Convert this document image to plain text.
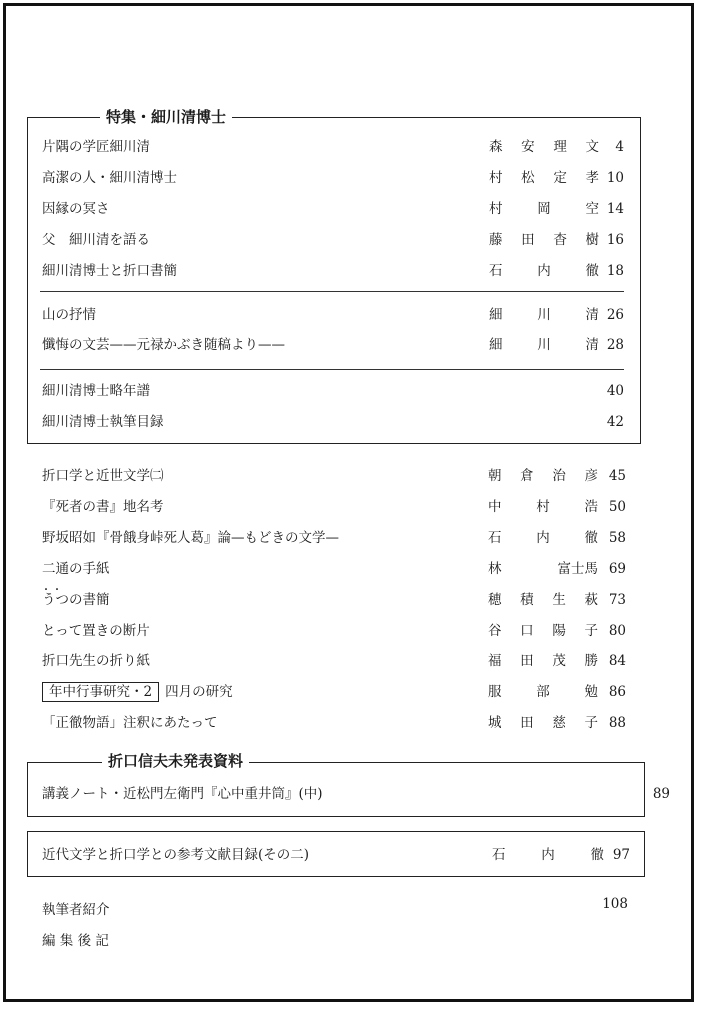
特集・細川清博士
片隅の学匠細川清	森 安 理 文	4
高潔の人・細川清博士	村 松 定 孝 10
因縁の冥さ	村	岡	空 14
父　細川清を語る	藤 田 杳 樹 16
細川清博士と折口書簡	石	内	徹 18
山の抒情	細	川	清 26
懺悔の文芸——元禄かぶき随稿より——	細	川	清 28
細川清博士略年譜	40
細川清博士執筆目録	42
折口学と近世文学㈡	朝 倉 治 彦 45
『死者の書』地名考	中	村	浩 50
野坂昭如『骨餓身峠死人葛』論—もどきの文学—	石	内	徹 58
二通の手紙	林	富士馬 69
・・ うつの書簡	穂 積 生 萩 73
とって置きの断片	谷 口 陽 子 80
折口先生の折り紙	福 田 茂 勝 84
年中行事研究・2 四月の研究	服	部	勉 86
「正徹物語」注釈にあたって	城 田 慈 子 88
折口信夫未発表資料
講義ノート・近松門左衛門『心中重井筒』(中)	89
近代文学と折口学との参考文献目録(その二)	石	内	徹 97
執筆者紹介	108
編 集 後 記
